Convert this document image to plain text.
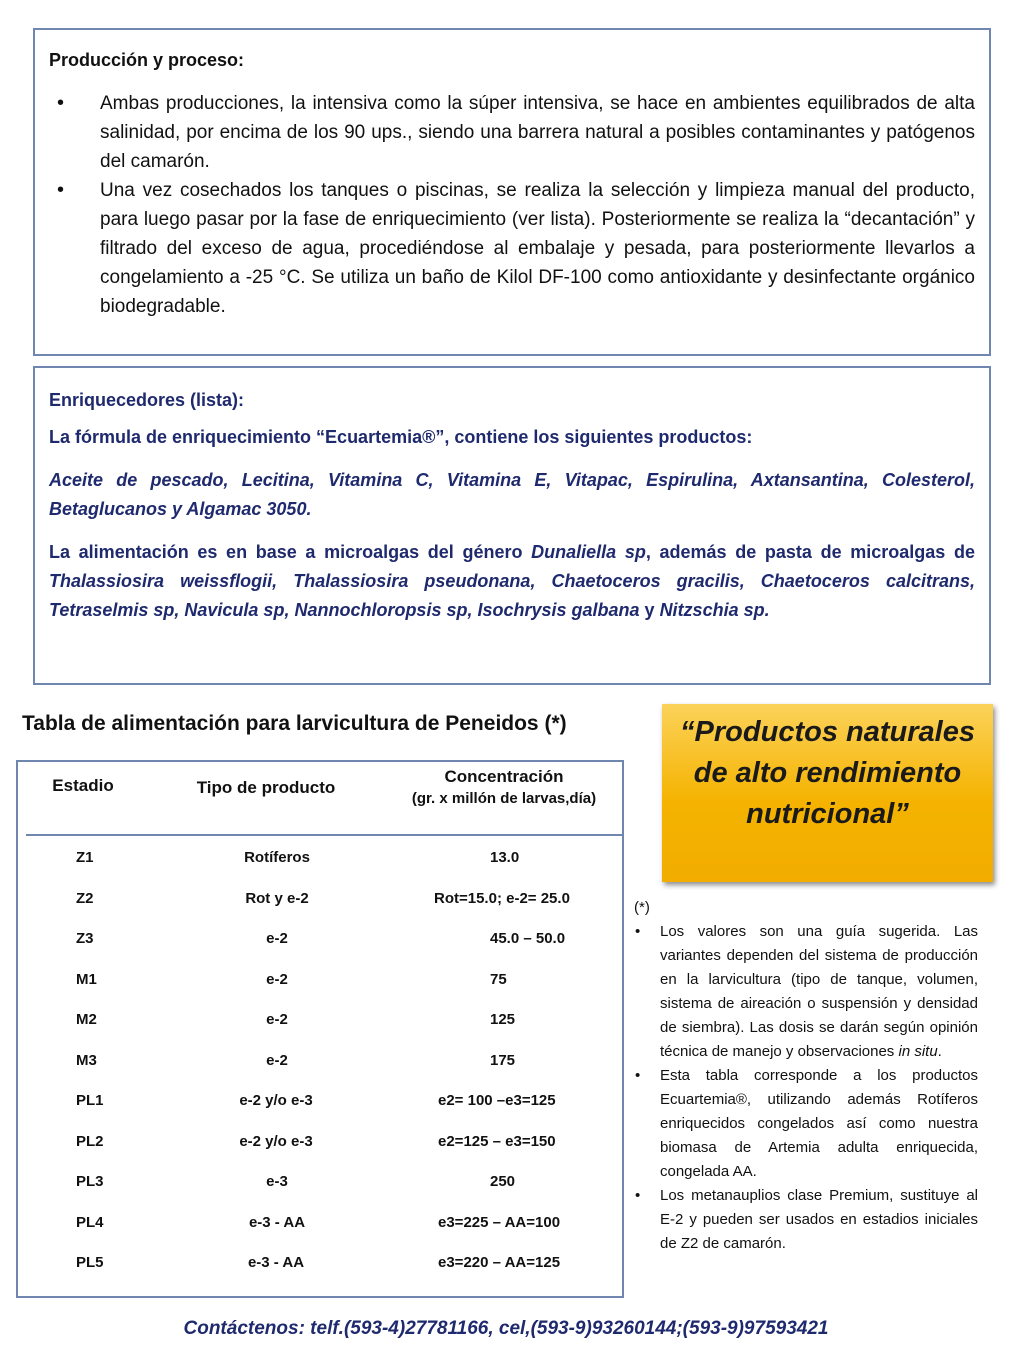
Producción y proceso:
• Ambas producciones, la intensiva como la súper intensiva, se hace en ambientes equilibrados de alta salinidad, por encima de los 90 ups., siendo una barrera natural a posibles contaminantes y patógenos del camarón.
• Una vez cosechados los tanques o piscinas, se realiza la selección y limpieza manual del producto, para luego pasar por la fase de enriquecimiento (ver lista). Posteriormente se realiza la “decantación” y filtrado del exceso de agua, procediéndose al embalaje y pesada, para posteriormente llevarlos a congelamiento a -25 °C. Se utiliza un baño de Kilol DF-100 como antioxidante y desinfectante orgánico biodegradable.
Enriquecedores (lista):
La fórmula de enriquecimiento “Ecuartemia®”, contiene los siguientes productos:
Aceite de pescado, Lecitina, Vitamina C, Vitamina E, Vitapac, Espirulina, Axtansantina, Colesterol, Betaglucanos y Algamac 3050.

La alimentación es en base a microalgas del género Dunaliella sp, además de pasta de microalgas de Thalassiosira weissflogii, Thalassiosira pseudonana, Chaetoceros gracilis, Chaetoceros calcitrans, Tetraselmis sp, Navicula sp, Nannochloropsis sp, Isochrysis galbana y Nitzschia sp.

Tabla de alimentación para larvicultura de Peneidos (*)
Estadio	Tipo de producto
Concentración
(gr. x millón de larvas,día)
Z1	Rotíferos	13.0
Z2	Rot y e-2	Rot=15.0; e-2= 25.0
Z3	e-2	45.0 – 50.0
M1	e-2	75
M2	e-2	125
M3	e-2	175
PL1	e-2 y/o e-3	e2= 100 –e3=125
PL2	e-2 y/o e-3	e2=125 – e3=150
PL3	e-3	250
PL4	e-3 - AA	e3=225 – AA=100
PL5	e-3 - AA	e3=220 – AA=125
“Productos naturales de alto rendimiento nutricional”
(*)
• Los valores son una guía sugerida. Las variantes dependen del sistema de producción en la larvicultura (tipo de tanque, volumen, sistema de aireación o suspensión y densidad de siembra). Las dosis se darán según opinión técnica de manejo y observaciones in situ.
• Esta tabla corresponde a los productos Ecuartemia®, utilizando además Rotíferos enriquecidos congelados así como nuestra biomasa de Artemia adulta enriquecida, congelada AA.
• Los metanauplios clase Premium, sustituye al E-2 y pueden ser usados en estadios iniciales de Z2 de camarón.
Contáctenos: telf.(593-4)27781166, cel,(593-9)93260144;(593-9)97593421
